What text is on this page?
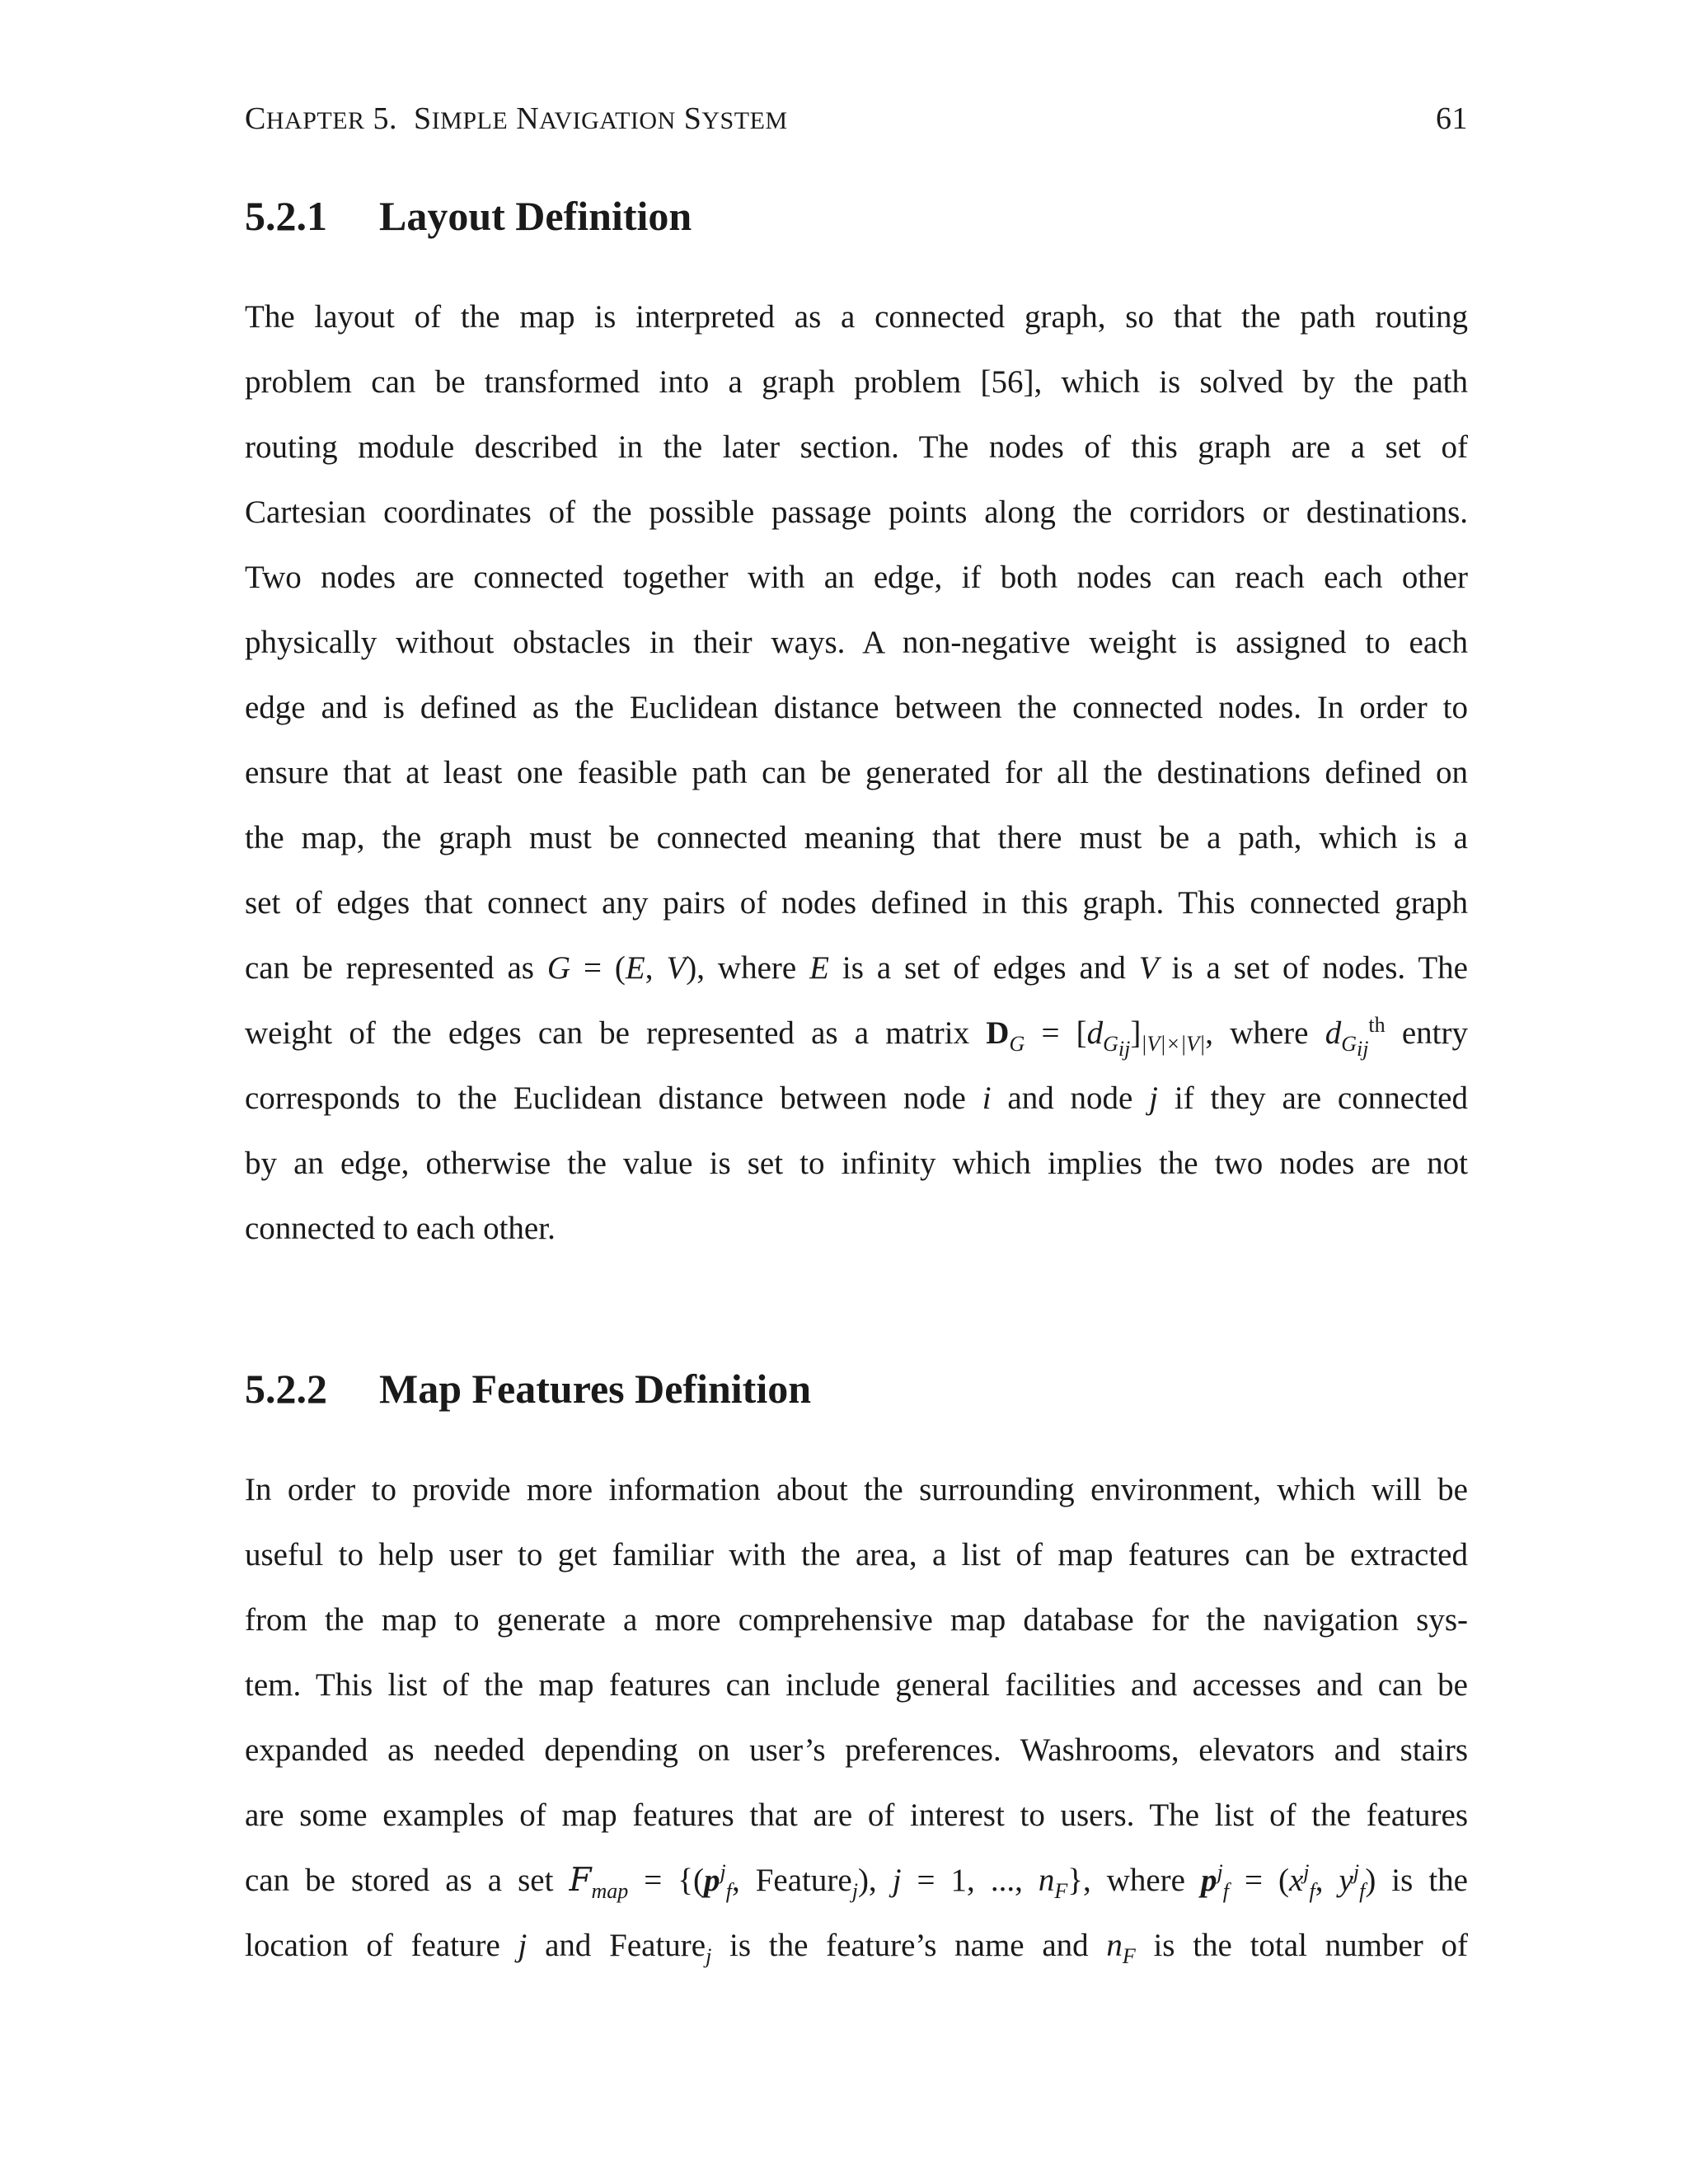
CHAPTER 5. SIMPLE NAVIGATION SYSTEM	61
5.2.1 Layout Definition
The layout of the map is interpreted as a connected graph, so that the path routing
problem can be transformed into a graph problem [56], which is solved by the path
routing module described in the later section. The nodes of this graph are a set of
Cartesian coordinates of the possible passage points along the corridors or destinations.
Two nodes are connected together with an edge, if both nodes can reach each other
physically without obstacles in their ways. A non-negative weight is assigned to each
edge and is defined as the Euclidean distance between the connected nodes. In order to
ensure that at least one feasible path can be generated for all the destinations defined on
the map, the graph must be connected meaning that there must be a path, which is a
set of edges that connect any pairs of nodes defined in this graph. This connected graph
can be represented as G = (E, V), where E is a set of edges and V is a set of nodes. The
weight of the edges can be represented as a matrix $D_G = [d_{G_{ij}}]_{|V|\times|V|}$, where $d_{G_{ij}}^{th}$ entry
corresponds to the Euclidean distance between node i and node j if they are connected
by an edge, otherwise the value is set to infinity which implies the two nodes are not
connected to each other.
5.2.2 Map Features Definition
In order to provide more information about the surrounding environment, which will be
useful to help user to get familiar with the area, a list of map features can be extracted
from the map to generate a more comprehensive map database for the navigation sys-
tem. This list of the map features can include general facilities and accesses and can be
expanded as needed depending on user’s preferences. Washrooms, elevators and stairs
are some examples of map features that are of interest to users. The list of the features
can be stored as a set $F_{map} = \{(p^j_f$, Feature$_j$), j = 1, ..., $n_F$}, where $p^j_f = (x^j_f$, $y^j_f$) is the
location of feature j and Feature$_j$ is the feature’s name and $n_F$ is the total number of
